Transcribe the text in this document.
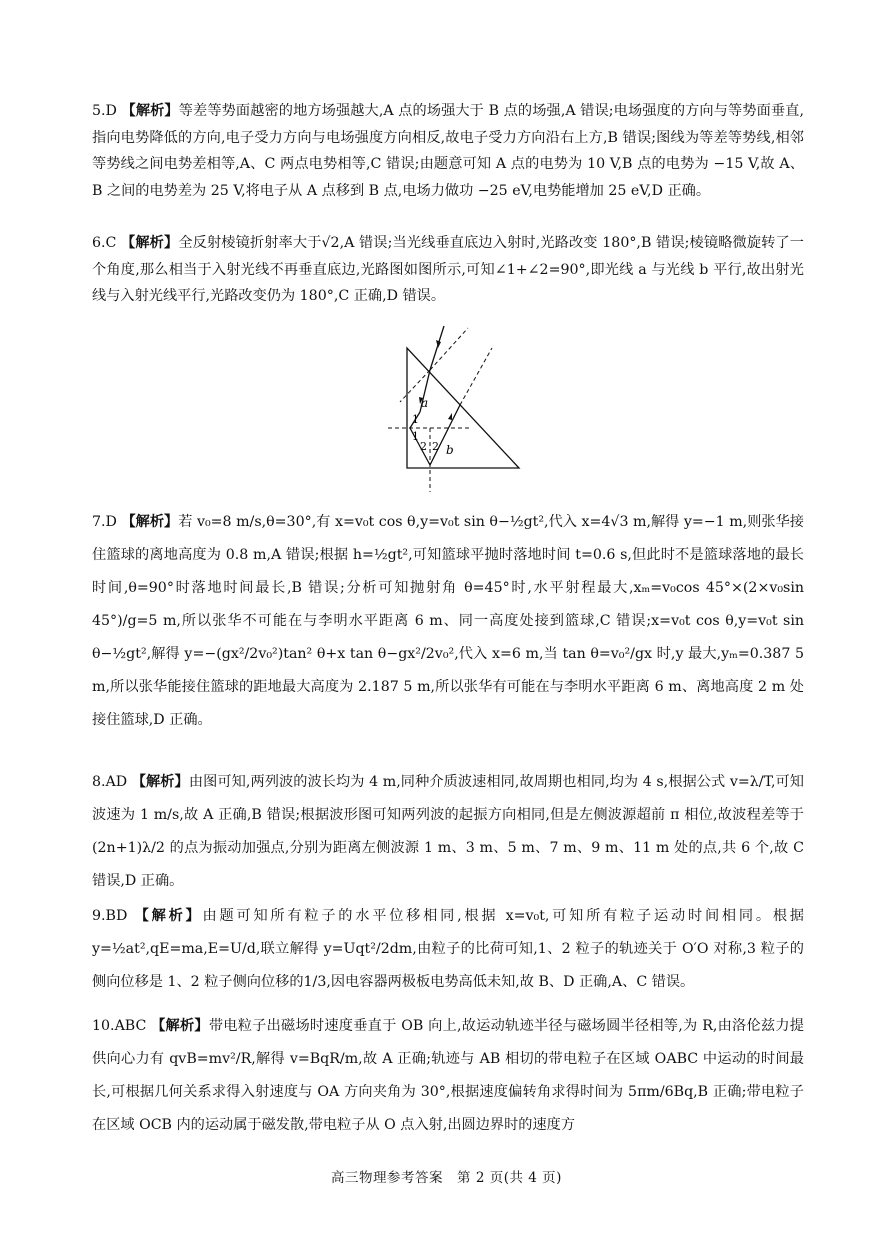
5.D 【解析】等差等势面越密的地方场强越大,A 点的场强大于 B 点的场强,A 错误;电场强度的方向与等势面垂直,指向电势降低的方向,电子受力方向与电场强度方向相反,故电子受力方向沿右上方,B 错误;图线为等差等势线,相邻等势线之间电势差相等,A、C 两点电势相等,C 错误;由题意可知 A 点的电势为 10 V,B 点的电势为 −15 V,故 A、B 之间的电势差为 25 V,将电子从 A 点移到 B 点,电场力做功 −25 eV,电势能增加 25 eV,D 正确。
6.C 【解析】全反射棱镜折射率大于√2,A 错误;当光线垂直底边入射时,光路改变 180°,B 错误;棱镜略微旋转了一个角度,那么相当于入射光线不再垂直底边,光路图如图所示,可知∠1+∠2=90°,即光线 a 与光线 b 平行,故出射光线与入射光线平行,光路改变仍为 180°,C 正确,D 错误。
a
1
1
2 2 b
7.D 【解析】若 v₀=8 m/s,θ=30°,有 x=v₀t cos θ,y=v₀t sin θ−½gt²,代入 x=4√3 m,解得 y=−1 m,则张华接住篮球的离地高度为 0.8 m,A 错误;根据 h=½gt²,可知篮球平抛时落地时间 t=0.6 s,但此时不是篮球落地的最长时间,θ=90°时落地时间最长,B 错误;分析可知抛射角 θ=45°时,水平射程最大,xₘ=v₀cos 45°×(2×v₀sin 45°)/g=5 m,所以张华不可能在与李明水平距离 6 m、同一高度处接到篮球,C 错误;x=v₀t cos θ,y=v₀t sin θ−½gt²,解得 y=−(gx²/2v₀²)tan² θ+x tan θ−gx²/2v₀²,代入 x=6 m,当 tan θ=v₀²/gx 时,y 最大,yₘ=0.387 5 m,所以张华能接住篮球的距地最大高度为 2.187 5 m,所以张华有可能在与李明水平距离 6 m、离地高度 2 m 处接住篮球,D 正确。
8.AD 【解析】由图可知,两列波的波长均为 4 m,同种介质波速相同,故周期也相同,均为 4 s,根据公式 v=λ/T,可知波速为 1 m/s,故 A 正确,B 错误;根据波形图可知两列波的起振方向相同,但是左侧波源超前 π 相位,故波程差等于(2n+1)λ/2 的点为振动加强点,分别为距离左侧波源 1 m、3 m、5 m、7 m、9 m、11 m 处的点,共 6 个,故 C 错误,D 正确。
9.BD 【解析】由题可知所有粒子的水平位移相同,根据 x=v₀t,可知所有粒子运动时间相同。根据 y=½at²,qE=ma,E=U/d,联立解得 y=Uqt²/2dm,由粒子的比荷可知,1、2 粒子的轨迹关于 O′O 对称,3 粒子的侧向位移是 1、2 粒子侧向位移的1/3,因电容器两极板电势高低未知,故 B、D 正确,A、C 错误。
10.ABC 【解析】带电粒子出磁场时速度垂直于 OB 向上,故运动轨迹半径与磁场圆半径相等,为 R,由洛伦兹力提供向心力有 qvB=mv²/R,解得 v=BqR/m,故 A 正确;轨迹与 AB 相切的带电粒子在区域 OABC 中运动的时间最长,可根据几何关系求得入射速度与 OA 方向夹角为 30°,根据速度偏转角求得时间为 5πm/6Bq,B 正确;带电粒子在区域 OCB 内的运动属于磁发散,带电粒子从 O 点入射,出圆边界时的速度方
高三物理参考答案　第 2 页(共 4 页)
